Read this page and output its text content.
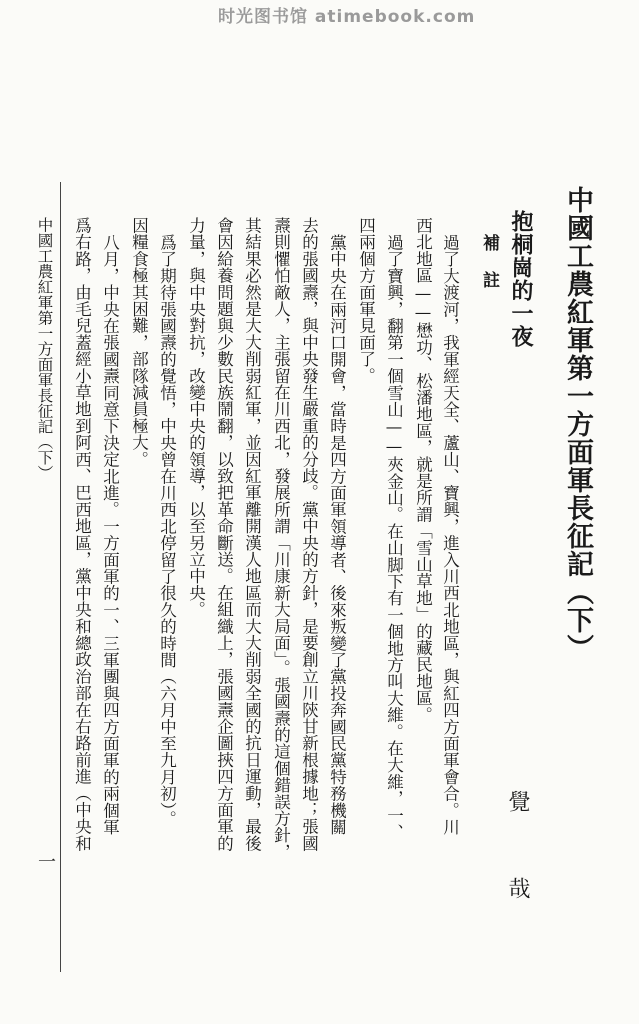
时光图书馆 atimebook.com
中國工農紅軍第一方面軍長征記（下）
覺 哉
抱桐崗的一夜
補 註
過了大渡河，我軍經天全、蘆山、寶興，進入川西北地區，與紅四方面軍會合。川
西北地區——懋功、松潘地區，就是所謂「雪山草地」的藏民地區。
過了寶興，翻第一個雪山——夾金山。在山脚下有一個地方叫大維。在大維，一、
四兩個方面軍見面了。
黨中央在兩河口開會，當時是四方面軍領導者、後來叛變了黨投奔國民黨特務機關
去的張國燾，與中央發生嚴重的分歧。黨中央的方針，是要創立川陝甘新根據地；張國
燾則懼怕敵人，主張留在川西北，發展所謂「川康新大局面」。張國燾的這個錯誤方針，
其結果必然是大大削弱紅軍，並因紅軍離開漢人地區而大大削弱全國的抗日運動，最後
會因給養問題與少數民族鬧翻，以致把革命斷送。在組織上，張國燾企圖挾四方面軍的
力量，與中央對抗，改變中央的領導，以至另立中央。
爲了期待張國燾的覺悟，中央曾在川西北停留了很久的時間（六月中至九月初）。
因糧食極其困難，部隊減員極大。
八月，中央在張國燾同意下決定北進。一方面軍的一、三軍團與四方面軍的兩個軍
爲右路，由毛兒蓋經小草地到阿西、巴西地區，黨中央和總政治部在右路前進（中央和
中國工農紅軍第一方面軍長征記（下）
一
